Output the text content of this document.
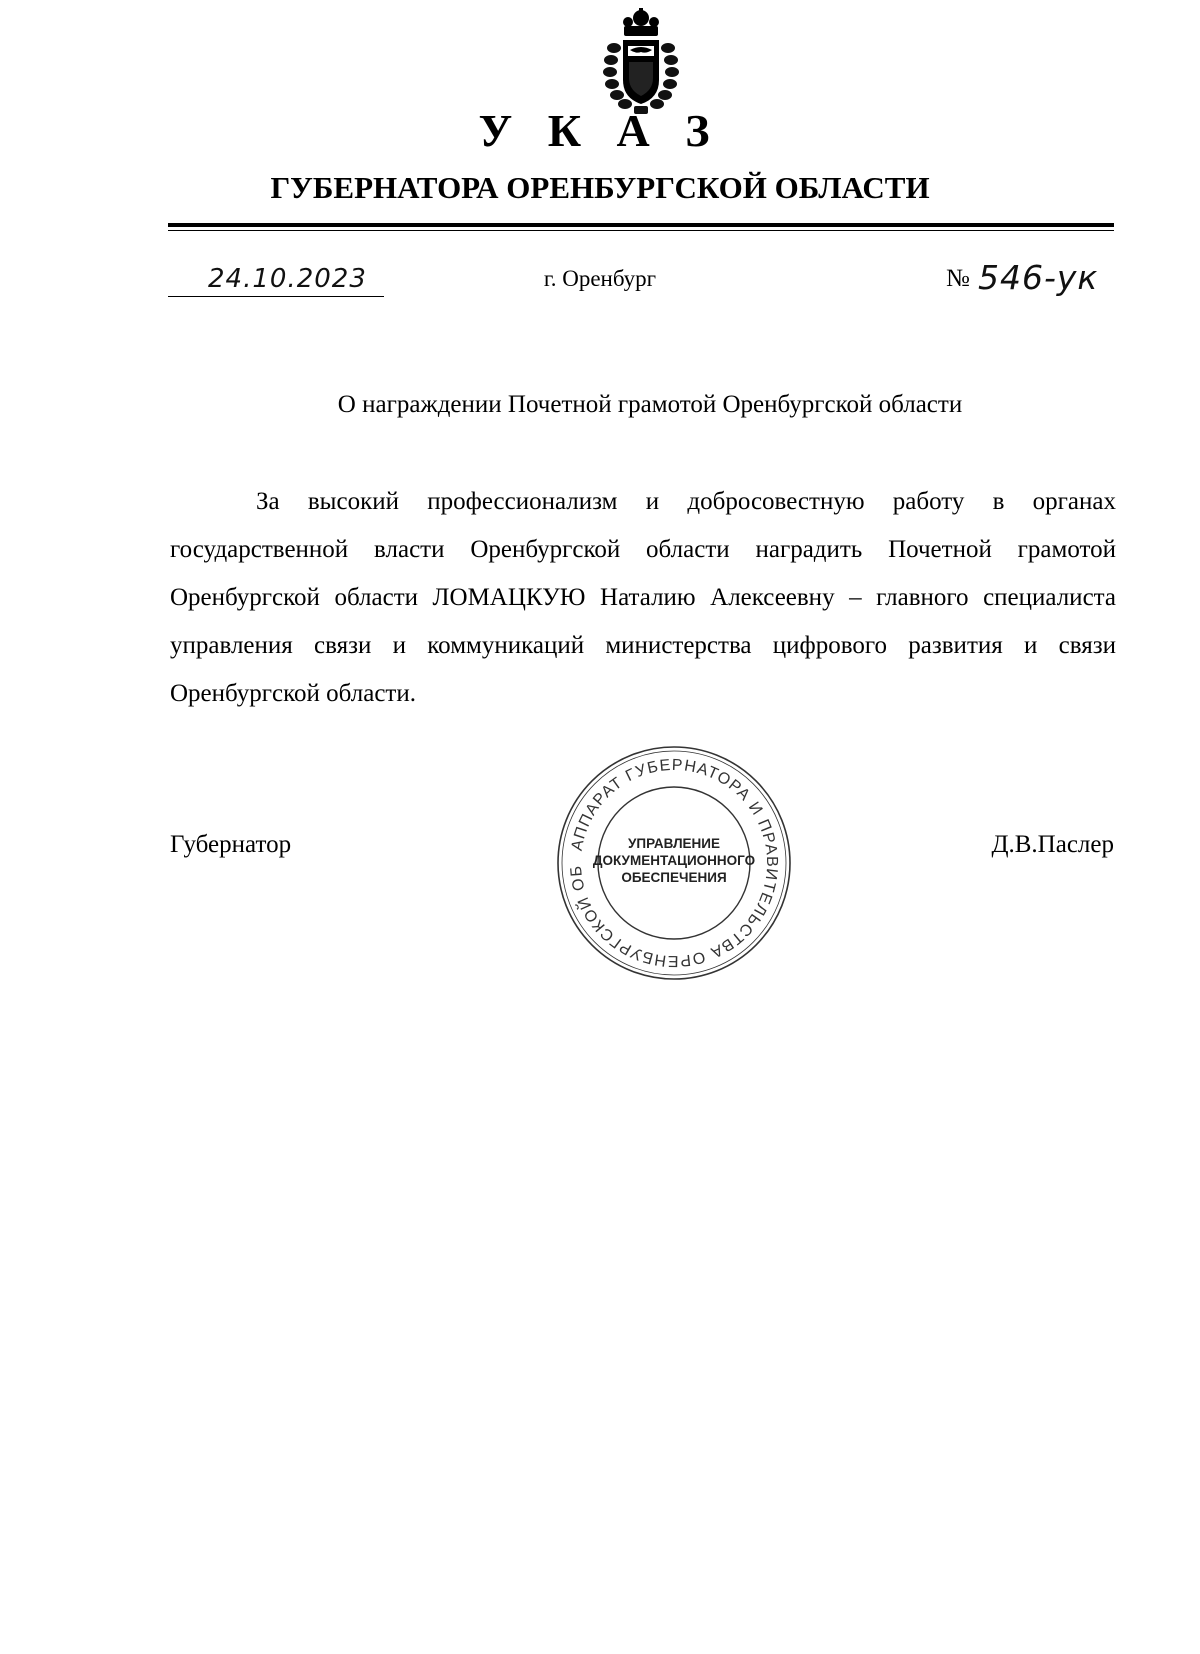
У К А З
ГУБЕРНАТОРА ОРЕНБУРГСКОЙ ОБЛАСТИ
24.10.2023	г. Оренбург	№ 546-ук
О награждении Почетной грамотой Оренбургской области

За высокий профессионализм и добросовестную работу в органах государственной власти Оренбургской области наградить Почетной грамотой Оренбургской области ЛОМАЦКУЮ Наталию Алексеевну – главного специалиста управления связи и коммуникаций министерства цифрового развития и связи Оренбургской области.

Губернатор	Д.В.Паслер
АППАРАТ ГУБЕРНАТОРА И ПРАВИТЕЛЬСТВА ОРЕНБУРГСКОЙ ОБ
УПРАВЛЕНИЕ
ДОКУМЕНТАЦИОННОГО
ОБЕСПЕЧЕНИЯ
